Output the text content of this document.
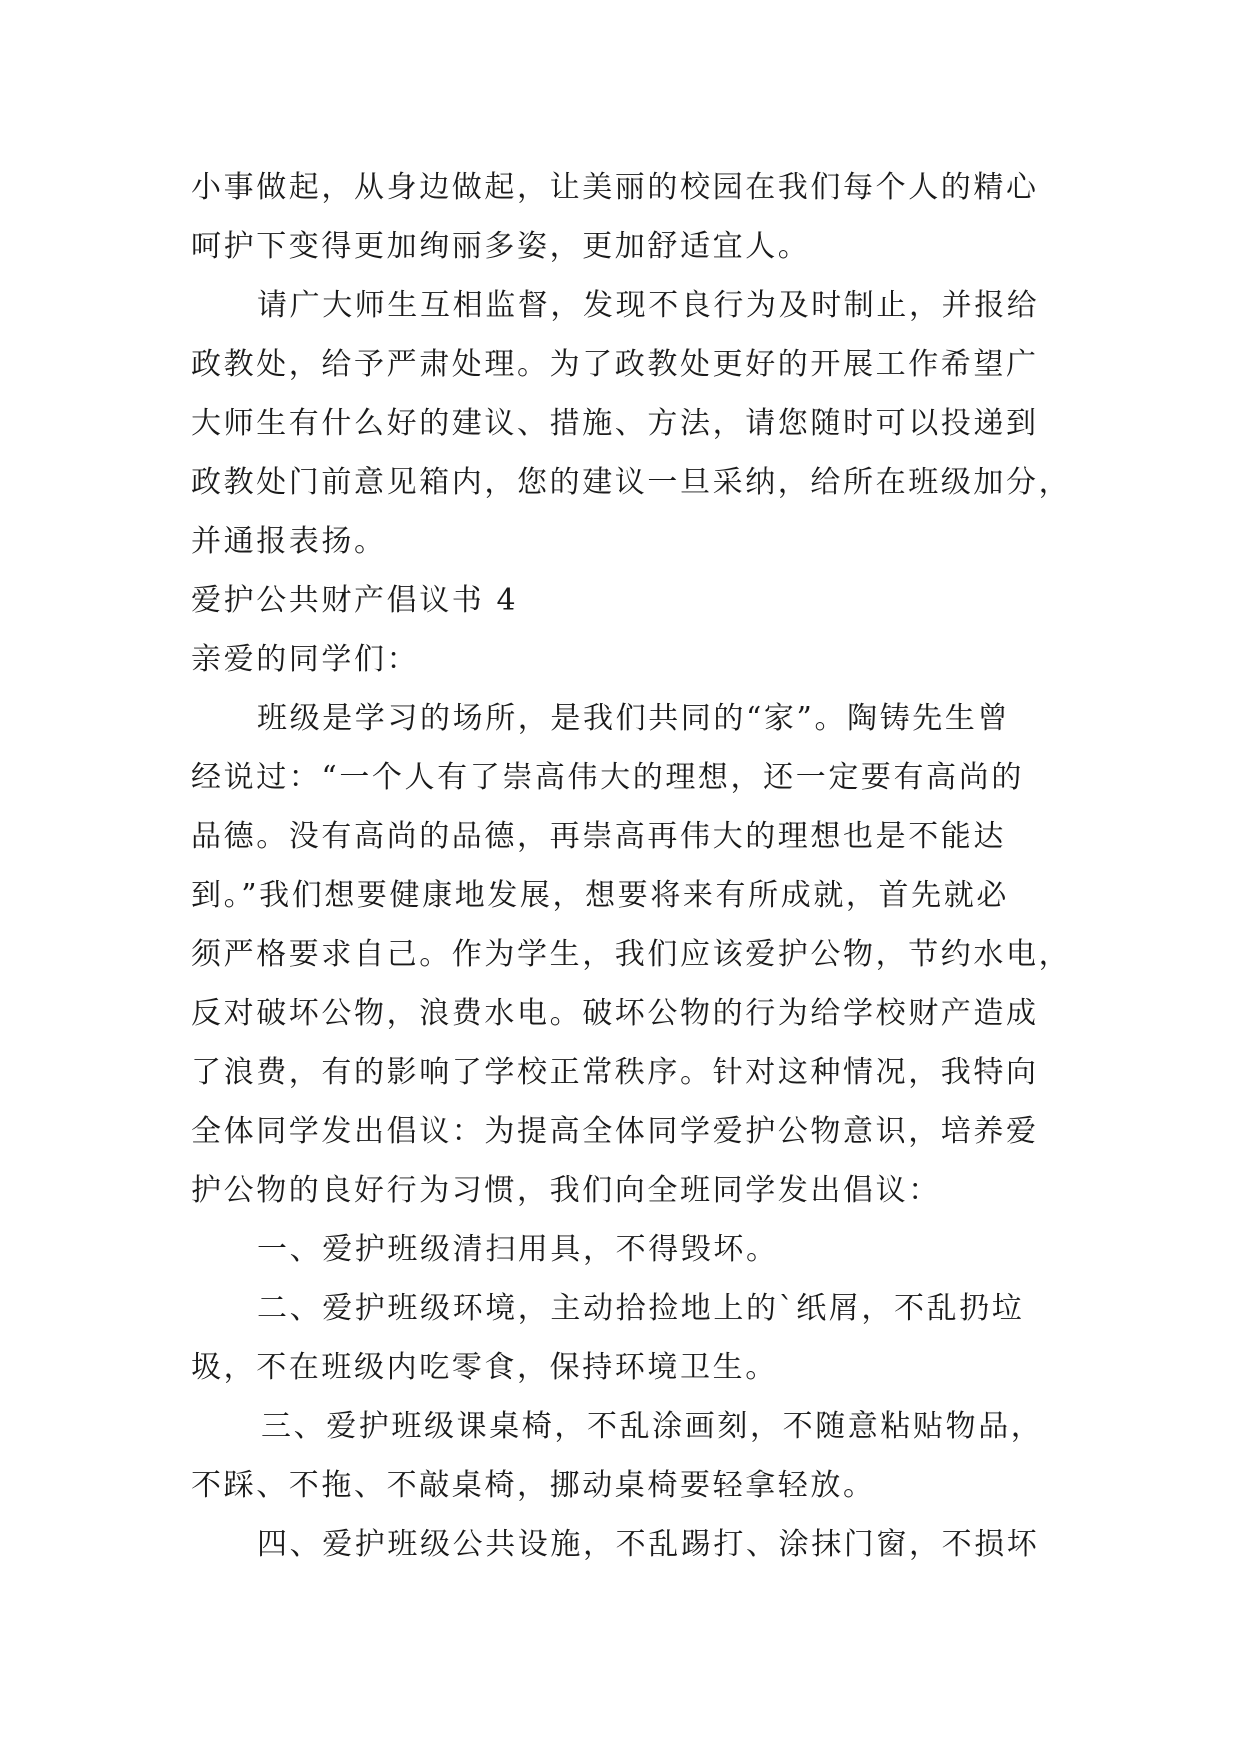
小事做起，从身边做起，让美丽的校园在我们每个人的精心
呵护下变得更加绚丽多姿，更加舒适宜人。
请广大师生互相监督，发现不良行为及时制止，并报给
政教处，给予严肃处理。为了政教处更好的开展工作希望广
大师生有什么好的建议、措施、方法，请您随时可以投递到
政教处门前意见箱内，您的建议一旦采纳，给所在班级加分，
并通报表扬。
爱护公共财产倡议书 4
亲爱的同学们：
班级是学习的场所，是我们共同的“家”。陶铸先生曾
经说过：“一个人有了崇高伟大的理想，还一定要有高尚的
品德。没有高尚的品德，再崇高再伟大的理想也是不能达
到。”我们想要健康地发展，想要将来有所成就，首先就必
须严格要求自己。作为学生，我们应该爱护公物，节约水电，
反对破坏公物，浪费水电。破坏公物的行为给学校财产造成
了浪费，有的影响了学校正常秩序。针对这种情况，我特向
全体同学发出倡议：为提高全体同学爱护公物意识，培养爱
护公物的良好行为习惯，我们向全班同学发出倡议：
一、爱护班级清扫用具，不得毁坏。
二、爱护班级环境，主动拾捡地上的`纸屑，不乱扔垃
圾，不在班级内吃零食，保持环境卫生。
三、爱护班级课桌椅，不乱涂画刻，不随意粘贴物品，
不踩、不拖、不敲桌椅，挪动桌椅要轻拿轻放。
四、爱护班级公共设施，不乱踢打、涂抹门窗，不损坏
